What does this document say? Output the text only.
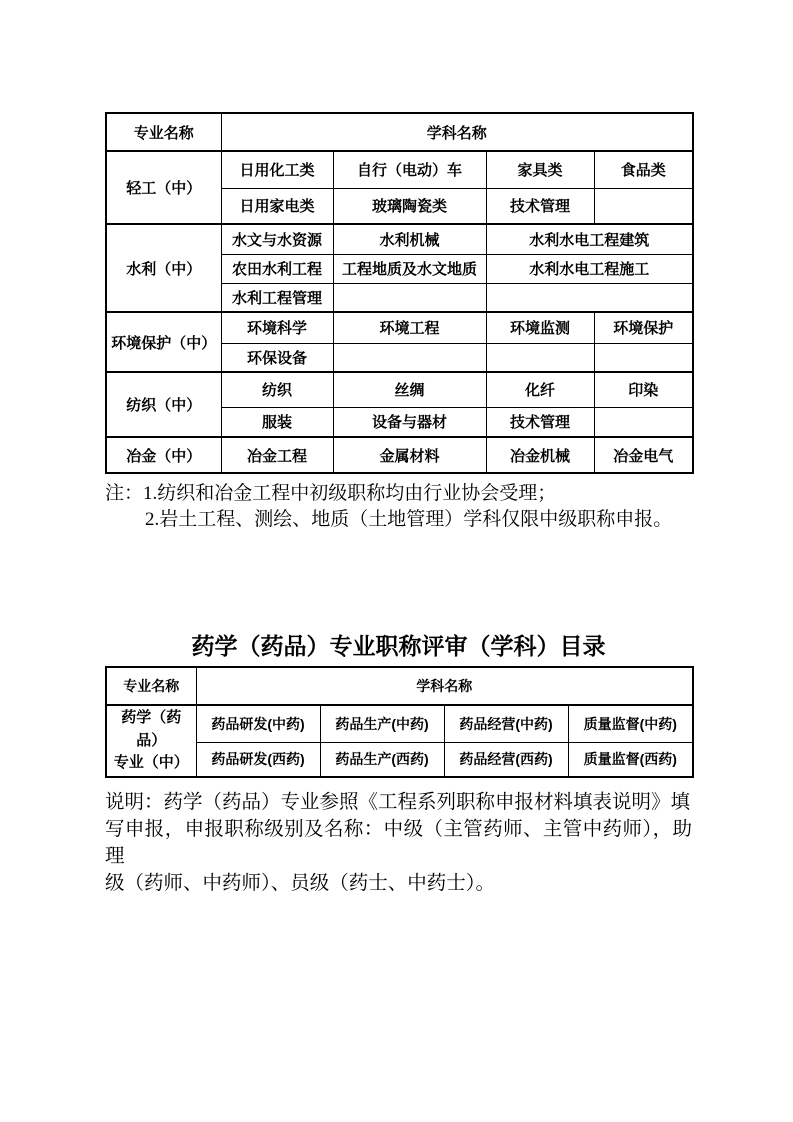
专业名称	学科名称			
轻工（中）	日用化工类	自行（电动）车	家具类	食品类
	日用家电类	玻璃陶瓷类	技术管理	
水利（中）	水文与水资源	水利机械	水利水电工程建筑	
	农田水利工程	工程地质及水文地质	水利水电工程施工	
	水利工程管理			
环境保护（中）	环境科学	环境工程	环境监测	环境保护
	环保设备			
纺织（中）	纺织	丝绸	化纤	印染
	服装	设备与器材	技术管理	
冶金（中）	冶金工程	金属材料	冶金机械	冶金电气
注：1.纺织和冶金工程中初级职称均由行业协会受理；
2.岩土工程、测绘、地质（土地管理）学科仅限中级职称申报。
药学（药品）专业职称评审（学科）目录
专业名称	学科名称			
药学（药品）
专业（中）	药品研发(中药)	药品生产(中药)	药品经营(中药)	质量监督(中药)
	药品研发(西药)	药品生产(西药)	药品经营(西药)	质量监督(西药)
说明：药学（药品）专业参照《工程系列职称申报材料填表说明》填
写申报，申报职称级别及名称：中级（主管药师、主管中药师），助理
级（药师、中药师）、员级（药士、中药士）。
